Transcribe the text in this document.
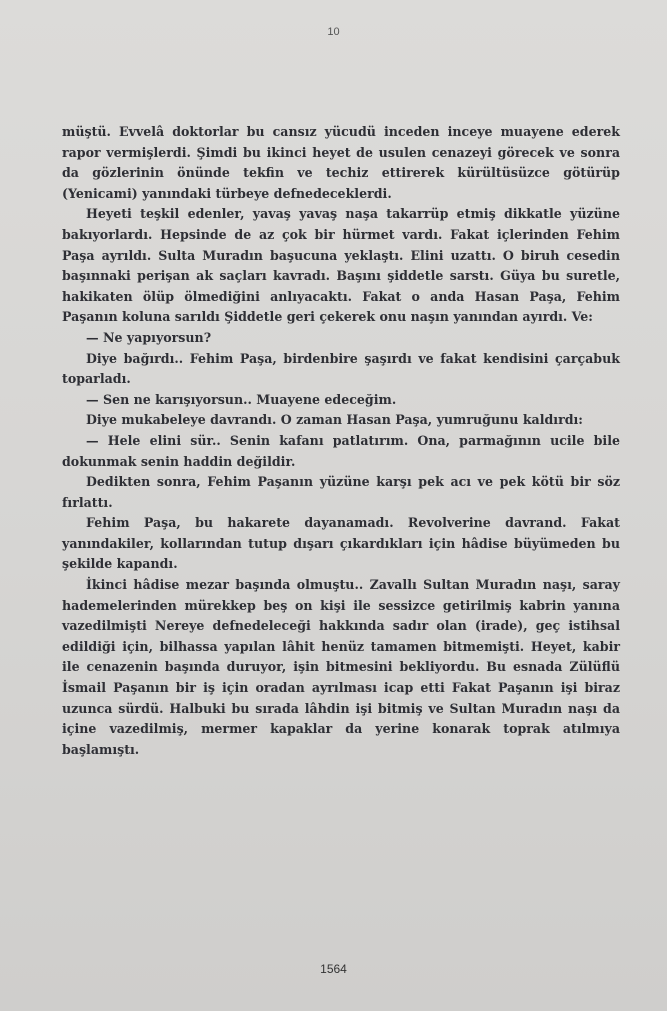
10

müştü. Evvelâ doktorlar bu cansız yücudü inceden inceye muayene ederek rapor vermişlerdi. Şimdi bu ikinci heyet de usulen cenazeyi görecek ve sonra da gözlerinin önünde tekfin ve techiz ettirerek kürültüsüzce götürüp (Yenicami) yanındaki türbeye defnedeceklerdi.

Heyeti teşkil edenler, yavaş yavaş naşa takarrüp etmiş dikkatle yüzüne bakıyorlardı. Hepsinde de az çok bir hürmet vardı. Fakat içlerinden Fehim Paşa ayrıldı. Sulta Muradın başucuna yeklaştı. Elini uzattı. O biruh cesedin başınnaki perişan ak saçları kavradı. Başını şiddetle sarstı. Güya bu suretle, hakikaten ölüp ölmediğini anlıyacaktı. Fakat o anda Hasan Paşa, Fehim Paşanın koluna sarıldı Şiddetle geri çekerek onu naşın yanından ayırdı. Ve:

— Ne yapıyorsun?

Diye bağırdı.. Fehim Paşa, birdenbire şaşırdı ve fakat kendisini çarçabuk toparladı.

— Sen ne karışıyorsun.. Muayene edeceğim.

Diye mukabeleye davrandı. O zaman Hasan Paşa, yumruğunu kaldırdı:

— Hele elini sür.. Senin kafanı patlatırım. Ona, parmağının ucile bile dokunmak senin haddin değildir.

Dedikten sonra, Fehim Paşanın yüzüne karşı pek acı ve pek kötü bir söz fırlattı.

Fehim Paşa, bu hakarete dayanamadı. Revolverine davrand. Fakat yanındakiler, kollarından tutup dışarı çıkardıkları için hâdise büyümeden bu şekilde kapandı.

İkinci hâdise mezar başında olmuştu.. Zavallı Sultan Muradın naşı, saray hademelerinden mürekkep beş on kişi ile sessizce getirilmiş kabrin yanına vazedilmişti Nereye defnedeleceği hakkında sadır olan (irade), geç istihsal edildiği için, bilhassa yapılan lâhit henüz tamamen bitmemişti. Heyet, kabir ile cenazenin başında duruyor, işin bitmesini bekliyordu. Bu esnada Zülüflü İsmail Paşanın bir iş için oradan ayrılması icap etti Fakat Paşanın işi biraz uzunca sürdü. Halbuki bu sırada lâhdin işi bitmiş ve Sultan Muradın naşı da içine vazedilmiş, mermer kapaklar da yerine konarak toprak atılmıya başlamıştı.

1564
